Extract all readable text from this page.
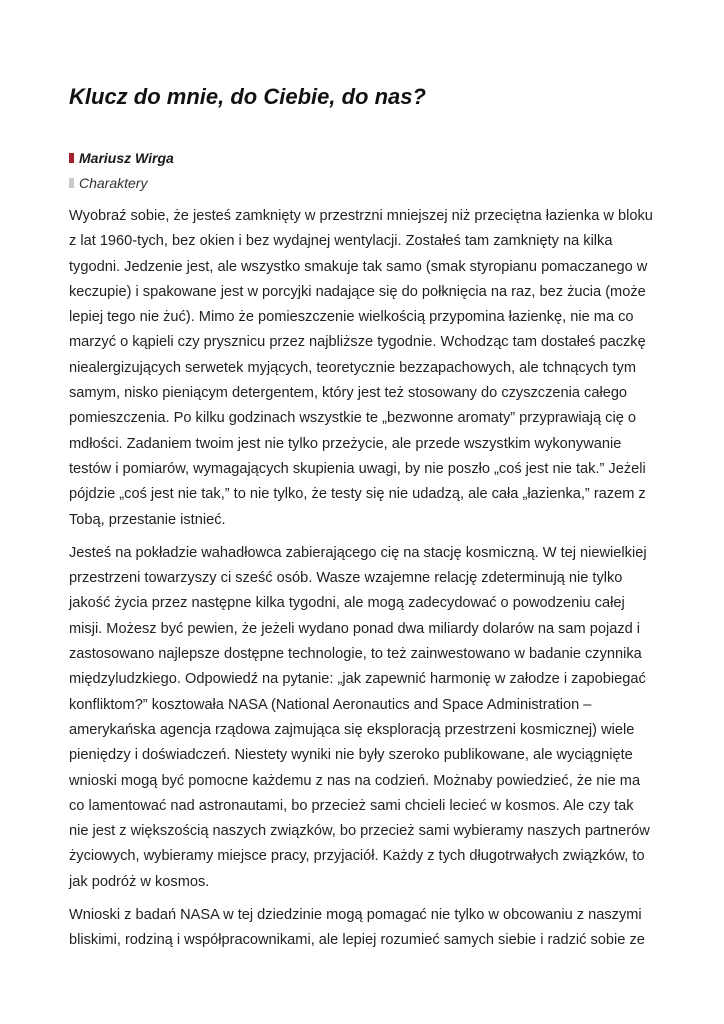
Klucz do mnie, do Ciebie, do nas?
Mariusz Wirga
Charaktery

Wyobraź sobie, że jesteś zamknięty w przestrzni mniejszej niż przeciętna łazienka w bloku
z lat 1960-tych, bez okien i bez wydajnej wentylacji. Zostałeś tam zamknięty na kilka
tygodni. Jedzenie jest, ale wszystko smakuje tak samo (smak styropianu pomaczanego w
keczupie) i spakowane jest w porcyjki nadające się do połknięcia na raz, bez żucia (może
lepiej tego nie żuć). Mimo że pomieszczenie wielkością przypomina łazienkę, nie ma co
marzyć o kąpieli czy prysznicu przez najbliższe tygodnie. Wchodząc tam dostałeś paczkę
niealergizujących serwetek myjących, teoretycznie bezzapachowych, ale tchnących tym
samym, nisko pieniącym detergentem, który jest też stosowany do czyszczenia całego
pomieszczenia. Po kilku godzinach wszystkie te „bezwonne aromaty” przyprawiają cię o
mdłości. Zadaniem twoim jest nie tylko przeżycie, ale przede wszystkim wykonywanie
testów i pomiarów, wymagających skupienia uwagi, by nie poszło „coś jest nie tak.” Jeżeli
pójdzie „coś jest nie tak,” to nie tylko, że testy się nie udadzą, ale cała „łazienka,” razem z
Tobą, przestanie istnieć.

Jesteś na pokładzie wahadłowca zabierającego cię na stację kosmiczną. W tej niewielkiej
przestrzeni towarzyszy ci sześć osób. Wasze wzajemne relację zdeterminują nie tylko
jakość życia przez następne kilka tygodni, ale mogą zadecydować o powodzeniu całej
misji. Możesz być pewien, że jeżeli wydano ponad dwa miliardy dolarów na sam pojazd i
zastosowano najlepsze dostępne technologie, to też zainwestowano w badanie czynnika
międzyludzkiego. Odpowiedź na pytanie: „jak zapewnić harmonię w załodze i zapobiegać
konfliktom?” kosztowała NASA (National Aeronautics and Space Administration –
amerykańska agencja rządowa zajmująca się eksploracją przestrzeni kosmicznej) wiele
pieniędzy i doświadczeń. Niestety wyniki nie były szeroko publikowane, ale wyciągnięte
wnioski mogą być pomocne każdemu z nas na codzień. Możnaby powiedzieć, że nie ma
co lamentować nad astronautami, bo przecież sami chcieli lecieć w kosmos. Ale czy tak
nie jest z większością naszych związków, bo przecież sami wybieramy naszych partnerów
życiowych, wybieramy miejsce pracy, przyjaciół. Każdy z tych długotrwałych związków, to
jak podróż w kosmos.

Wnioski z badań NASA w tej dziedzinie mogą pomagać nie tylko w obcowaniu z naszymi
bliskimi, rodziną i współpracownikami, ale lepiej rozumieć samych siebie i radzić sobie ze
